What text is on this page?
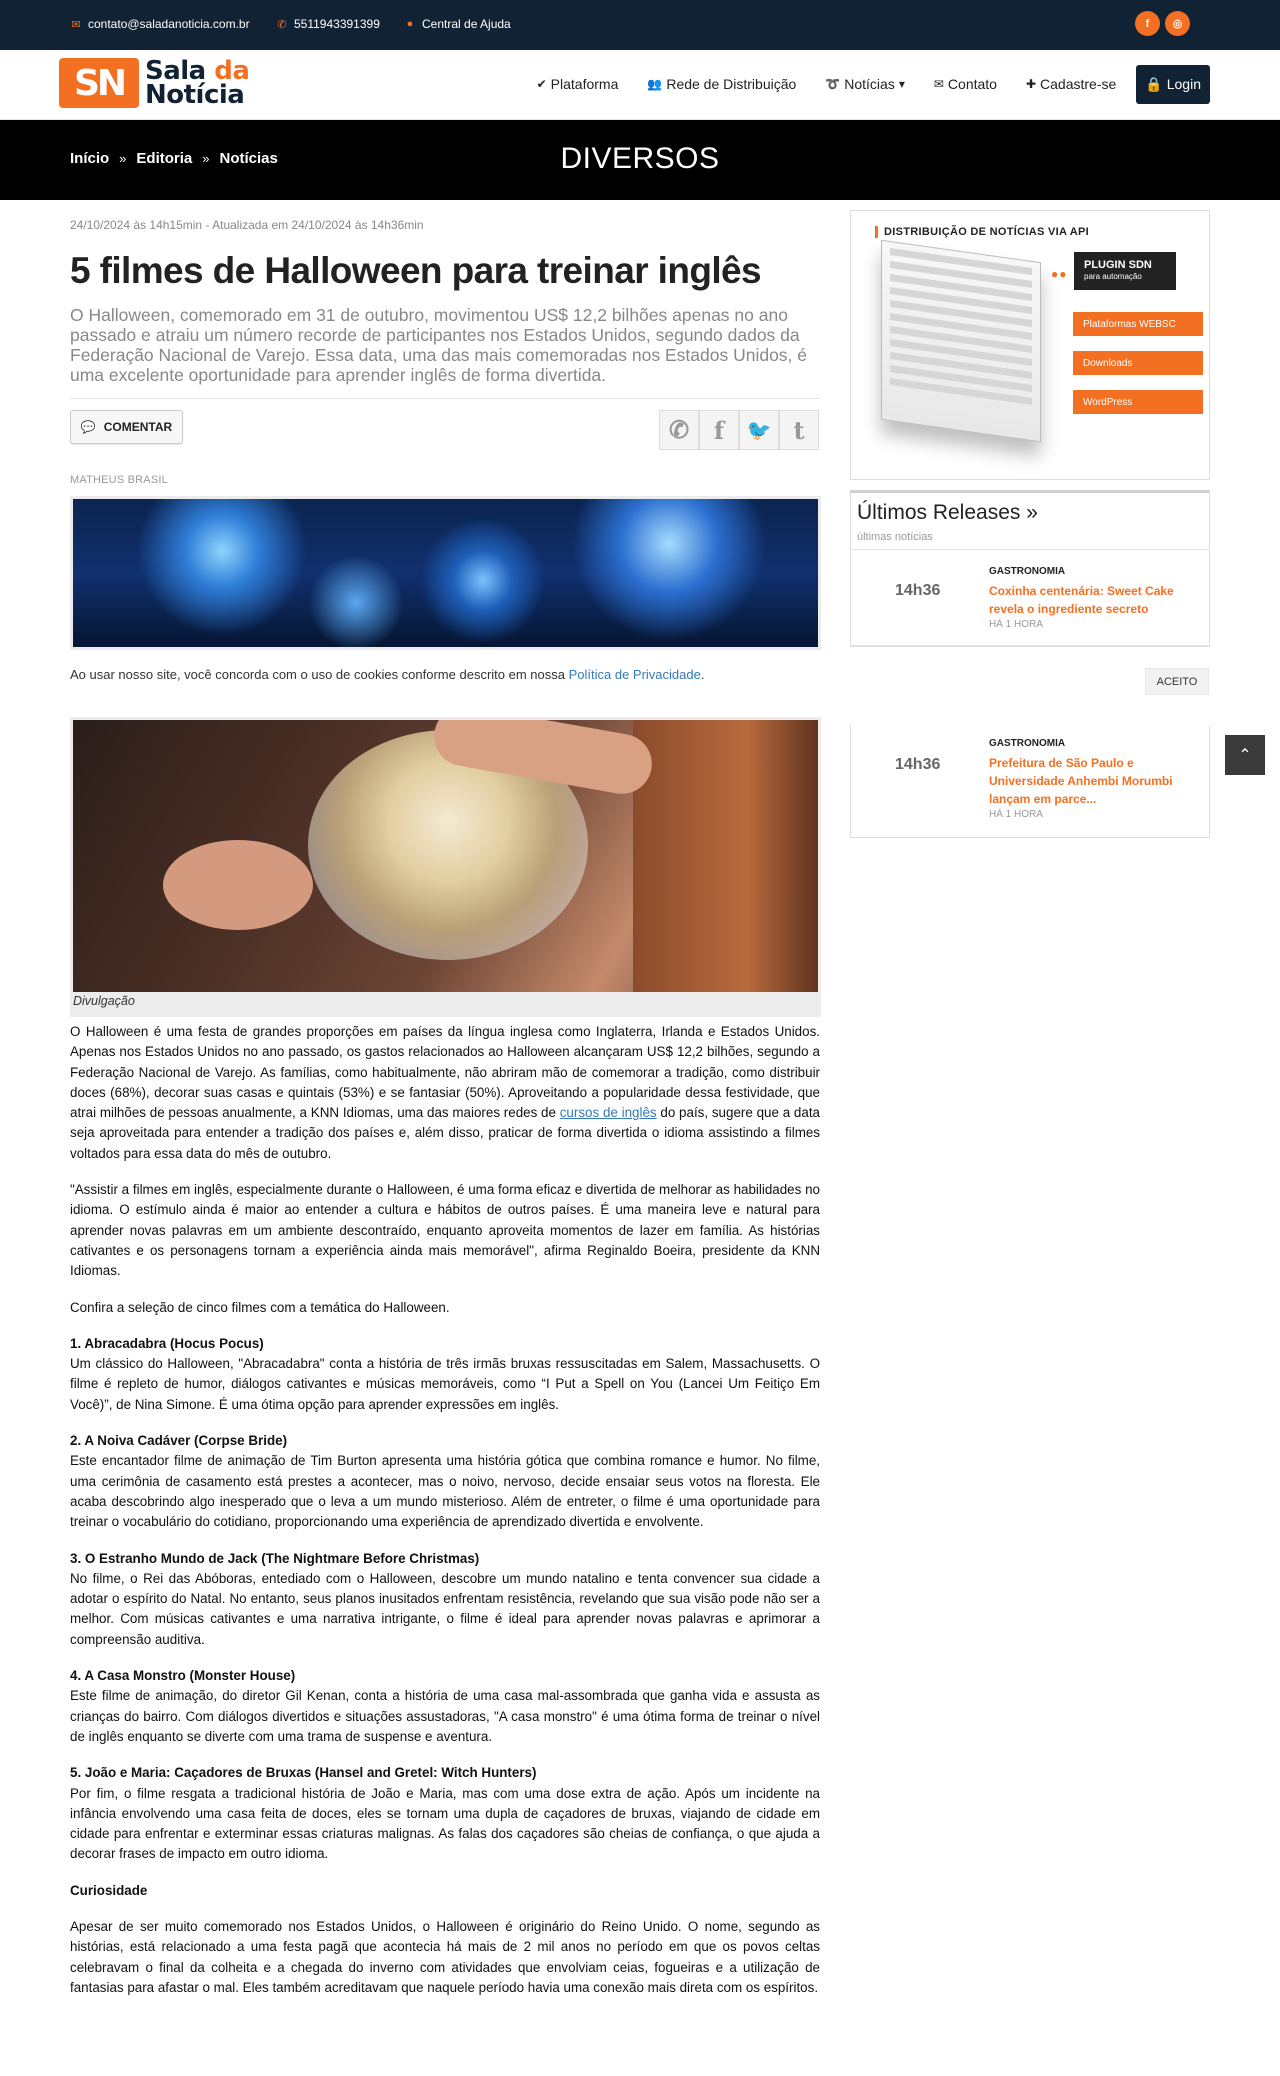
✉ contato@saladanoticia.com.br	✆ 5511943391399 ● Central de Ajuda	f	◎
SN Sala da
Notícia	✔ Plataforma 👥 Rede de Distribuição ➰ Notícias ▾ ✉ Contato ✚ Cadastre-se 🔒 Login
DIVERSOS
Início » Editoria » Notícias
24/10/2024 às 14h15min - Atualizada em 24/10/2024 às 14h36min
5 filmes de Halloween para treinar inglês
O Halloween, comemorado em 31 de outubro, movimentou US$ 12,2 bilhões apenas no ano passado e atraiu um número recorde de participantes nos Estados Unidos, segundo dados da Federação Nacional de Varejo. Essa data, uma das mais comemoradas nos Estados Unidos, é uma excelente oportunidade para aprender inglês de forma divertida.
💬 COMENTAR	✆	f	🐦 t
MATHEUS BRASIL
Ao usar nosso site, você concorda com o uso de cookies conforme descrito em nossa Política de Privacidade.	ACEITO
Divulgação

O Halloween é uma festa de grandes proporções em países da língua inglesa como Inglaterra, Irlanda e Estados Unidos. Apenas nos Estados Unidos no ano passado, os gastos relacionados ao Halloween alcançaram US$ 12,2 bilhões, segundo a Federação Nacional de Varejo. As famílias, como habitualmente, não abriram mão de comemorar a tradição, como distribuir doces (68%), decorar suas casas e quintais (53%) e se fantasiar (50%). Aproveitando a popularidade dessa festividade, que atrai milhões de pessoas anualmente, a KNN Idiomas, uma das maiores redes de cursos de inglês do país, sugere que a data seja aproveitada para entender a tradição dos países e, além disso, praticar de forma divertida o idioma assistindo a filmes voltados para essa data do mês de outubro.

"Assistir a filmes em inglês, especialmente durante o Halloween, é uma forma eficaz e divertida de melhorar as habilidades no idioma. O estímulo ainda é maior ao entender a cultura e hábitos de outros países. É uma maneira leve e natural para aprender novas palavras em um ambiente descontraído, enquanto aproveita momentos de lazer em família. As histórias cativantes e os personagens tornam a experiência ainda mais memorável", afirma Reginaldo Boeira, presidente da KNN Idiomas.

Confira a seleção de cinco filmes com a temática do Halloween.

1. Abracadabra (Hocus Pocus)
Um clássico do Halloween, "Abracadabra" conta a história de três irmãs bruxas ressuscitadas em Salem, Massachusetts. O filme é repleto de humor, diálogos cativantes e músicas memoráveis, como “I Put a Spell on You (Lancei Um Feitiço Em Você)”, de Nina Simone. É uma ótima opção para aprender expressões em inglês.

2. A Noiva Cadáver (Corpse Bride)
Este encantador filme de animação de Tim Burton apresenta uma história gótica que combina romance e humor. No filme, uma cerimônia de casamento está prestes a acontecer, mas o noivo, nervoso, decide ensaiar seus votos na floresta. Ele acaba descobrindo algo inesperado que o leva a um mundo misterioso. Além de entreter, o filme é uma oportunidade para treinar o vocabulário do cotidiano, proporcionando uma experiência de aprendizado divertida e envolvente.

3. O Estranho Mundo de Jack (The Nightmare Before Christmas)
No filme, o Rei das Abóboras, entediado com o Halloween, descobre um mundo natalino e tenta convencer sua cidade a adotar o espírito do Natal. No entanto, seus planos inusitados enfrentam resistência, revelando que sua visão pode não ser a melhor. Com músicas cativantes e uma narrativa intrigante, o filme é ideal para aprender novas palavras e aprimorar a compreensão auditiva.

4. A Casa Monstro (Monster House)
Este filme de animação, do diretor Gil Kenan, conta a história de uma casa mal-assombrada que ganha vida e assusta as crianças do bairro. Com diálogos divertidos e situações assustadoras, "A casa monstro" é uma ótima forma de treinar o nível de inglês enquanto se diverte com uma trama de suspense e aventura.

5. João e Maria: Caçadores de Bruxas (Hansel and Gretel: Witch Hunters)
Por fim, o filme resgata a tradicional história de João e Maria, mas com uma dose extra de ação. Após um incidente na infância envolvendo uma casa feita de doces, eles se tornam uma dupla de caçadores de bruxas, viajando de cidade em cidade para enfrentar e exterminar essas criaturas malignas. As falas dos caçadores são cheias de confiança, o que ajuda a decorar frases de impacto em outro idioma.

Curiosidade

Apesar de ser muito comemorado nos Estados Unidos, o Halloween é originário do Reino Unido. O nome, segundo as histórias, está relacionado a uma festa pagã que acontecia há mais de 2 mil anos no período em que os povos celtas celebravam o final da colheita e a chegada do inverno com atividades que envolviam ceias, fogueiras e a utilização de fantasias para afastar o mal. Eles também acreditavam que naquele período havia uma conexão mais direta com os espíritos.

DISTRIBUIÇÃO DE NOTÍCIAS VIA API
●●
PLUGIN SDN
para automação
Plataformas WEBSC
Downloads
WordPress
Últimos Releases »
últimas notícias
14h36
GASTRONOMIA
Coxinha centenária: Sweet Cake revela o ingrediente secreto
HÁ 1 HORA
14h36
GASTRONOMIA
Prefeitura de São Paulo e Universidade Anhembi Morumbi lançam em parce...
HÁ 1 HORA
⌃
